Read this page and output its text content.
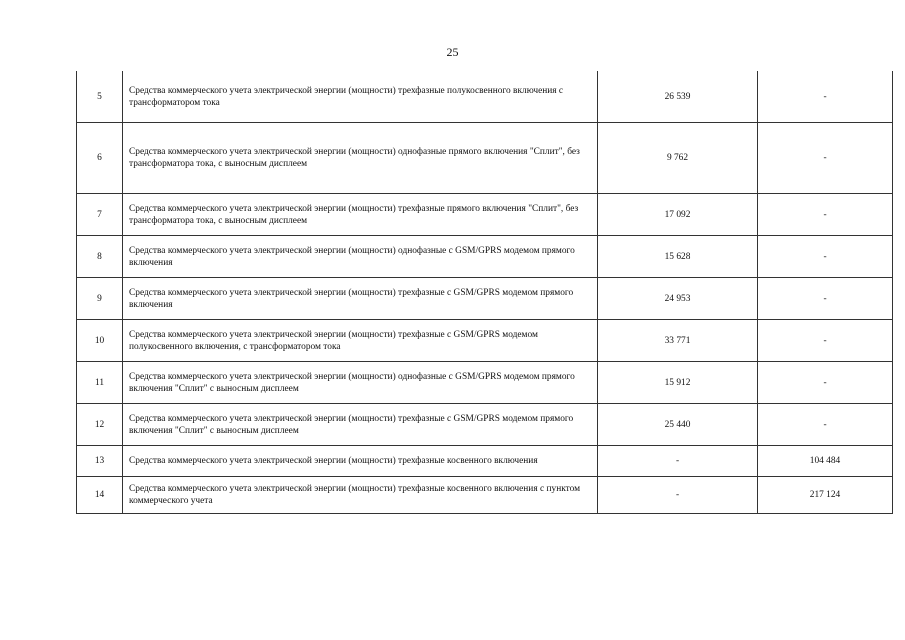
25
5	Средства коммерческого учета электрической энергии (мощности) трехфазные полукосвенного включения с трансформатором тока	26 539	-
6	Средства коммерческого учета электрической энергии (мощности) однофазные прямого включения "Сплит", без трансформатора тока, с выносным дисплеем	9 762	-
7	Средства коммерческого учета электрической энергии (мощности) трехфазные прямого включения "Сплит", без трансформатора тока, с выносным дисплеем	17 092	-
8	Средства коммерческого учета электрической энергии (мощности) однофазные с GSM/GPRS модемом прямого включения	15 628	-
9	Средства коммерческого учета электрической энергии (мощности) трехфазные с GSM/GPRS модемом прямого включения	24 953	-
10	Средства коммерческого учета электрической энергии (мощности) трехфазные с GSM/GPRS модемом полукосвенного включения, с трансформатором тока	33 771	-
11	Средства коммерческого учета электрической энергии (мощности) однофазные с GSM/GPRS модемом прямого включения "Сплит" с выносным дисплеем	15 912	-
12	Средства коммерческого учета электрической энергии (мощности) трехфазные с GSM/GPRS модемом прямого включения "Сплит" с выносным дисплеем	25 440	-
13	Средства коммерческого учета электрической энергии (мощности) трехфазные косвенного включения	-	104 484
14	Средства коммерческого учета электрической энергии (мощности) трехфазные косвенного включения с пунктом коммерческого учета	-	217 124
